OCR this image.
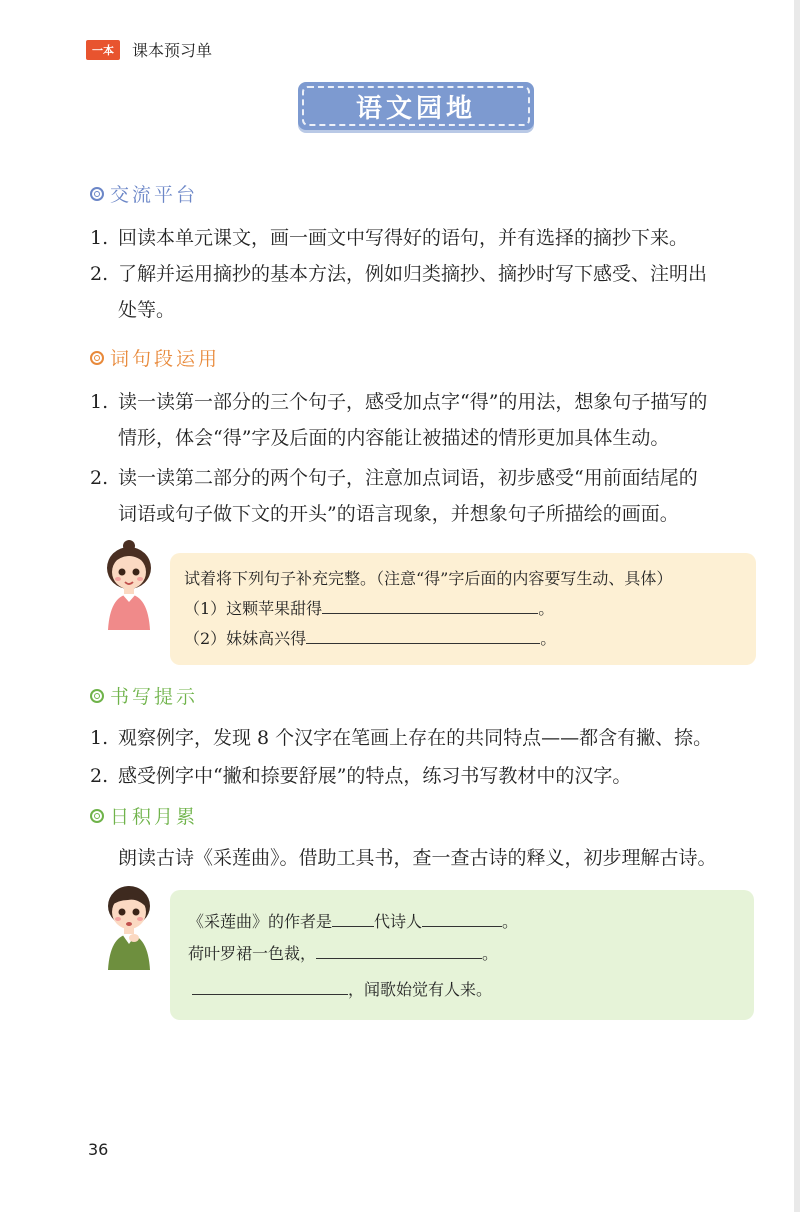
一本	课本预习单
语文园地
交流平台
1. 回读本单元课文，画一画文中写得好的语句，并有选择的摘抄下来。
2. 了解并运用摘抄的基本方法，例如归类摘抄、摘抄时写下感受、注明出
处等。
词句段运用
1. 读一读第一部分的三个句子，感受加点字“得”的用法，想象句子描写的
情形，体会“得”字及后面的内容能让被描述的情形更加具体生动。
2. 读一读第二部分的两个句子，注意加点词语，初步感受“用前面结尾的
词语或句子做下文的开头”的语言现象，并想象句子所描绘的画面。
试着将下列句子补充完整。（注意“得”字后面的内容要写生动、具体）
（1）这颗苹果甜得	。
（2）妹妹高兴得	。
书写提示
1. 观察例字，发现 8 个汉字在笔画上存在的共同特点——都含有撇、捺。
2. 感受例字中“撇和捺要舒展”的特点，练习书写教材中的汉字。
日积月累
朗读古诗《采莲曲》。借助工具书，查一查古诗的释义，初步理解古诗。
《采莲曲》的作者是	代诗人	。
荷叶罗裙一色裁，	。
，闻歌始觉有人来。
36
